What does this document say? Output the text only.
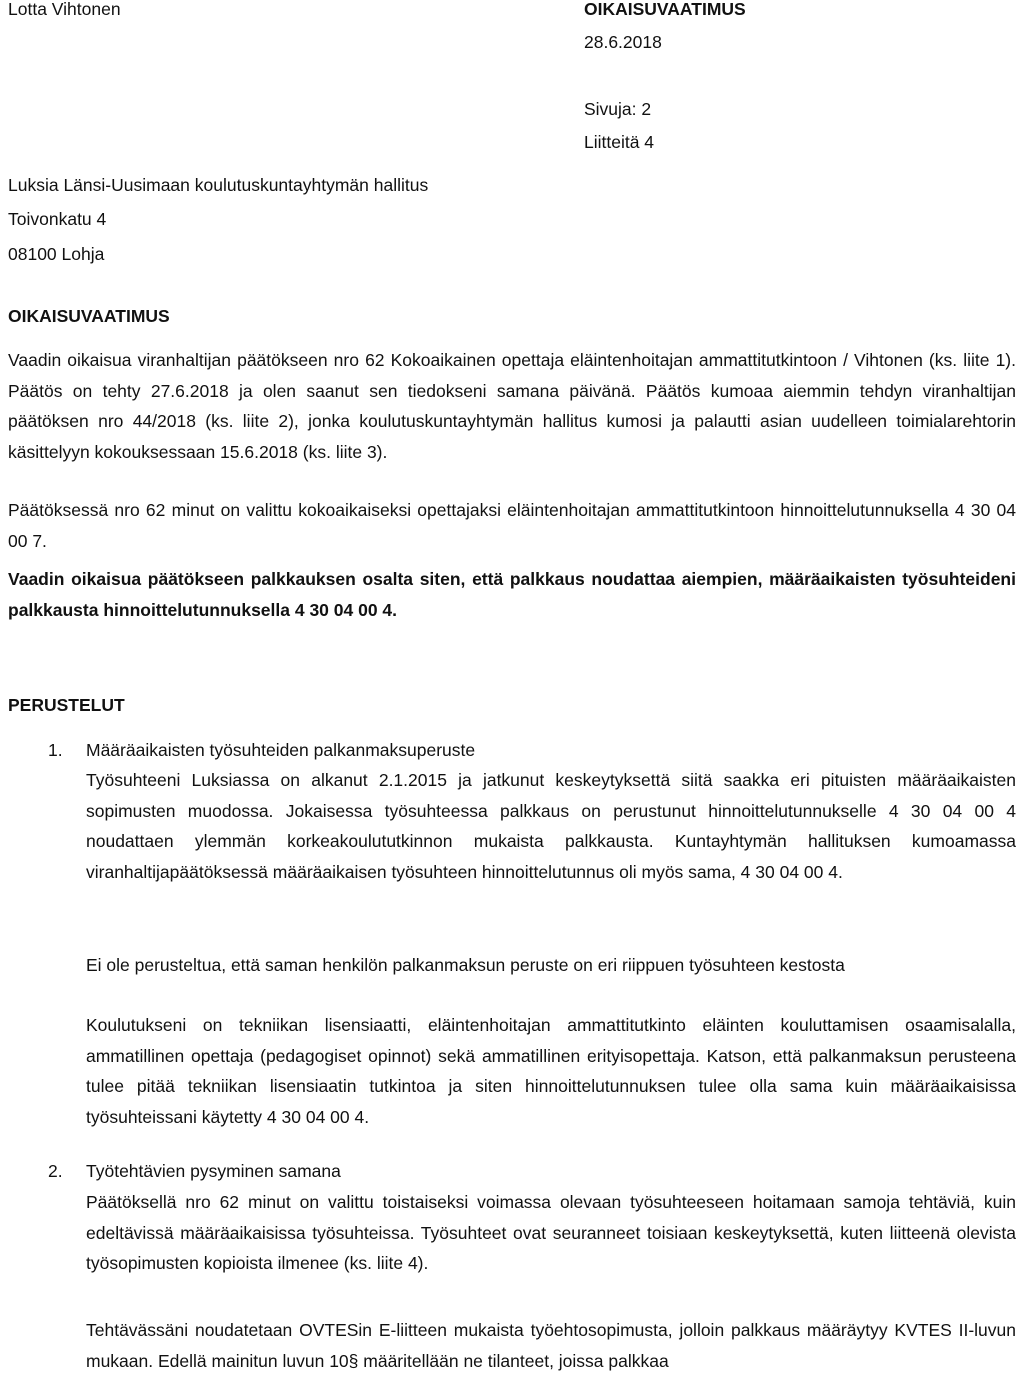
Lotta Vihtonen	OIKAISUVAATIMUS
28.6.2018
Sivuja: 2
Liitteitä 4
Luksia Länsi-Uusimaan koulutuskuntayhtymän hallitus
Toivonkatu 4
08100 Lohja
OIKAISUVAATIMUS

Vaadin oikaisua viranhaltijan päätökseen nro 62 Kokoaikainen opettaja eläintenhoitajan ammattitutkintoon / Vihtonen (ks. liite 1). Päätös on tehty 27.6.2018 ja olen saanut sen tiedokseni samana päivänä. Päätös kumoaa aiemmin tehdyn viranhaltijan päätöksen nro 44/2018 (ks. liite 2), jonka koulutuskuntayhtymän hallitus kumosi ja palautti asian uudelleen toimialarehtorin käsittelyyn kokouksessaan 15.6.2018 (ks. liite 3).

Päätöksessä nro 62 minut on valittu kokoaikaiseksi opettajaksi eläintenhoitajan ammattitutkintoon hinnoittelutunnuksella 4 30 04 00 7.

Vaadin oikaisua päätökseen palkkauksen osalta siten, että palkkaus noudattaa aiempien, määräaikaisten työsuhteideni palkkausta hinnoittelutunnuksella 4 30 04 00 4.

PERUSTELUT
1. Määräaikaisten työsuhteiden palkanmaksuperuste

Työsuhteeni Luksiassa on alkanut 2.1.2015 ja jatkunut keskeytyksettä siitä saakka eri pituisten määräaikaisten sopimusten muodossa. Jokaisessa työsuhteessa palkkaus on perustunut hinnoittelutunnukselle 4 30 04 00 4 noudattaen ylemmän korkeakoulututkinnon mukaista palkkausta. Kuntayhtymän hallituksen kumoamassa viranhaltijapäätöksessä määräaikaisen työsuhteen hinnoittelutunnus oli myös sama, 4 30 04 00 4.

Ei ole perusteltua, että saman henkilön palkanmaksun peruste on eri riippuen työsuhteen kestosta

Koulutukseni on tekniikan lisensiaatti, eläintenhoitajan ammattitutkinto eläinten kouluttamisen osaamisalalla, ammatillinen opettaja (pedagogiset opinnot) sekä ammatillinen erityisopettaja. Katson, että palkanmaksun perusteena tulee pitää tekniikan lisensiaatin tutkintoa ja siten hinnoittelutunnuksen tulee olla sama kuin määräaikaisissa työsuhteissani käytetty 4 30 04 00 4.

2. Työtehtävien pysyminen samana

Päätöksellä nro 62 minut on valittu toistaiseksi voimassa olevaan työsuhteeseen hoitamaan samoja tehtäviä, kuin edeltävissä määräaikaisissa työsuhteissa. Työsuhteet ovat seuranneet toisiaan keskeytyksettä, kuten liitteenä olevista työsopimusten kopioista ilmenee (ks. liite 4).

Tehtävässäni noudatetaan OVTESin E-liitteen mukaista työehtosopimusta, jolloin palkkaus määräytyy KVTES II-luvun mukaan. Edellä mainitun luvun 10§ määritellään ne tilanteet, joissa palkkaa
